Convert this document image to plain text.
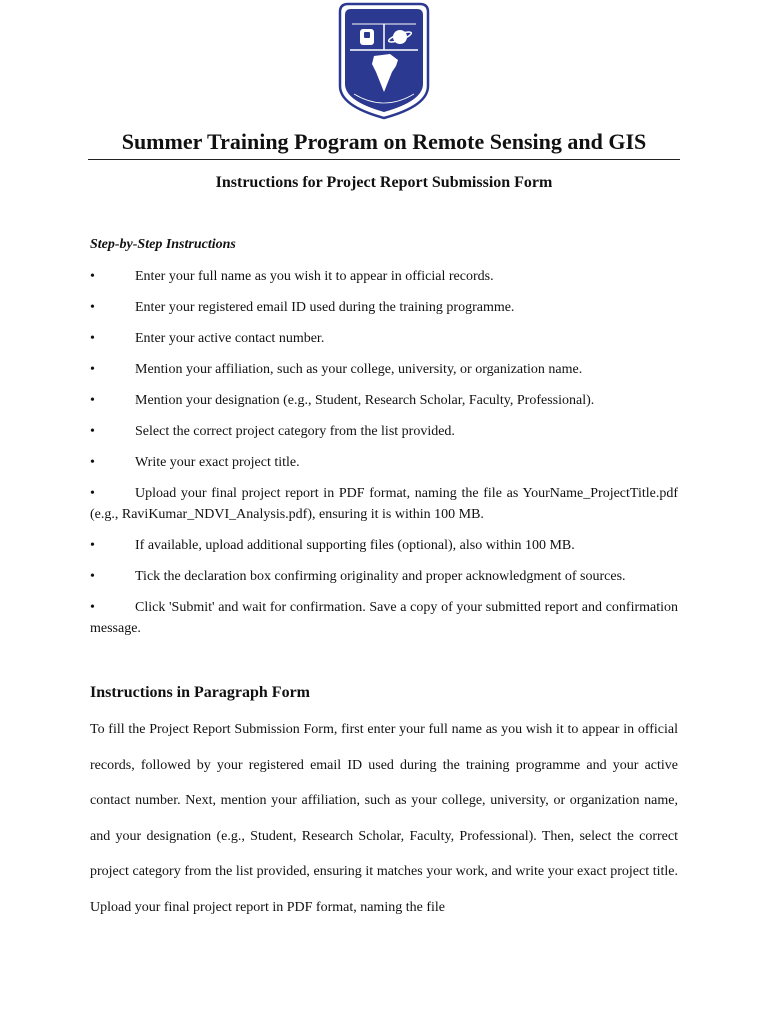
Summer Training Program on Remote Sensing and GIS
Instructions for Project Report Submission Form
Step-by-Step Instructions
•	Enter your full name as you wish it to appear in official records.
•	Enter your registered email ID used during the training programme.
•	Enter your active contact number.
•	Mention your affiliation, such as your college, university, or organization name.
•	Mention your designation (e.g., Student, Research Scholar, Faculty, Professional).
•	Select the correct project category from the list provided.
•	Write your exact project title.
•	Upload your final project report in PDF format, naming the file as YourName_ProjectTitle.pdf (e.g., RaviKumar_NDVI_Analysis.pdf), ensuring it is within 100 MB.
•	If available, upload additional supporting files (optional), also within 100 MB.
•	Tick the declaration box confirming originality and proper acknowledgment of sources.
•	Click 'Submit' and wait for confirmation. Save a copy of your submitted report and confirmation message.
Instructions in Paragraph Form

To fill the Project Report Submission Form, first enter your full name as you wish it to appear in official records, followed by your registered email ID used during the training programme and your active contact number. Next, mention your affiliation, such as your college, university, or organization name, and your designation (e.g., Student, Research Scholar, Faculty, Professional). Then, select the correct project category from the list provided, ensuring it matches your work, and write your exact project title. Upload your final project report in PDF format, naming the file
